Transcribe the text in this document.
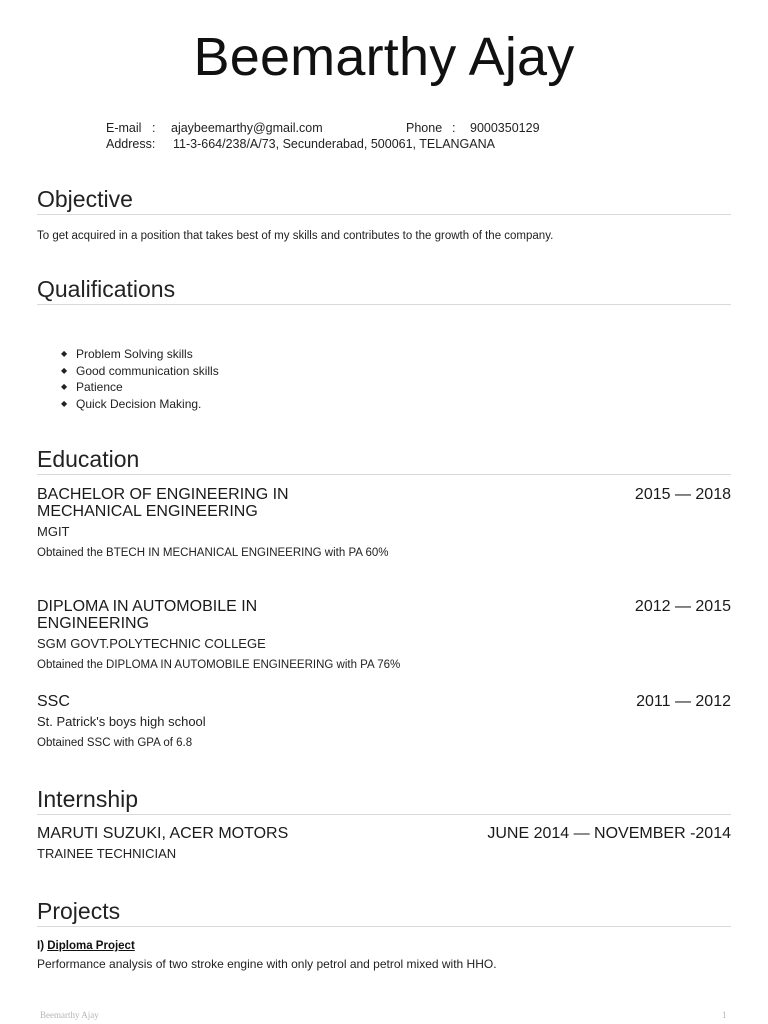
Beemarthy Ajay
E-mail : ajaybeemarthy@gmail.com	Phone : 9000350129
Address: 11-3-664/238/A/73, Secunderabad, 500061, TELANGANA
Objective
To get acquired in a position that takes best of my skills and contributes to the growth of the company.
Qualifications
◆ Problem Solving skills
◆ Good communication skills
◆ Patience
◆ Quick Decision Making.
Education
BACHELOR OF ENGINEERING IN MECHANICAL ENGINEERING
2015 — 2018
MGIT
Obtained the BTECH IN MECHANICAL ENGINEERING with PA 60%
DIPLOMA IN AUTOMOBILE IN ENGINEERING
2012 — 2015
SGM GOVT.POLYTECHNIC COLLEGE
Obtained the DIPLOMA IN AUTOMOBILE ENGINEERING with PA 76%
SSC	2011 — 2012
St. Patrick's boys high school
Obtained SSC with GPA of 6.8
Internship
MARUTI SUZUKI, ACER MOTORS	JUNE 2014 — NOVEMBER -2014
TRAINEE TECHNICIAN
Projects
I) Diploma Project
Performance analysis of two stroke engine with only petrol and petrol mixed with HHO.
Beemarthy Ajay	1
